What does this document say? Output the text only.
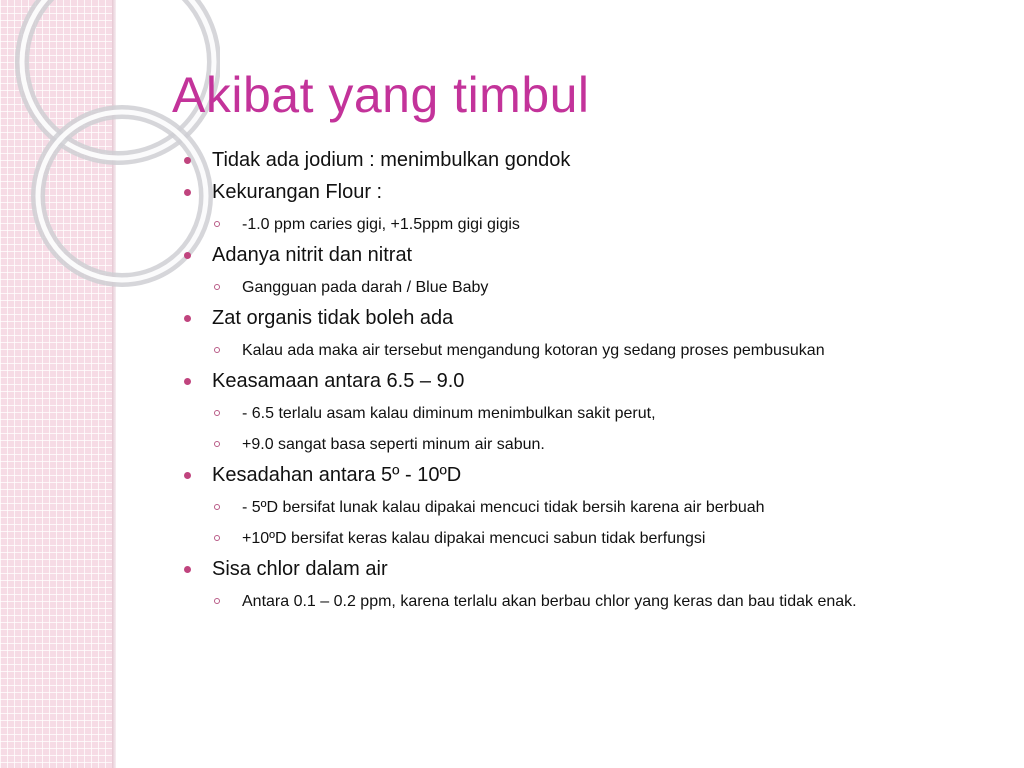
Akibat yang timbul
Tidak ada jodium : menimbulkan gondok
Kekurangan Flour :
-1.0 ppm caries gigi, +1.5ppm gigi gigis
Adanya nitrit dan nitrat
Gangguan pada darah / Blue Baby
Zat organis tidak boleh ada
Kalau ada maka air tersebut mengandung kotoran yg sedang proses pembusukan
Keasamaan antara 6.5 – 9.0
- 6.5 terlalu asam kalau diminum menimbulkan sakit perut,
+9.0 sangat basa seperti minum air sabun.
Kesadahan antara 5º - 10ºD
- 5ºD bersifat lunak kalau dipakai mencuci tidak bersih karena air berbuah
+10ºD bersifat keras kalau dipakai mencuci sabun tidak berfungsi
Sisa chlor dalam air
Antara 0.1 – 0.2 ppm, karena terlalu akan berbau chlor yang keras dan bau tidak enak.
